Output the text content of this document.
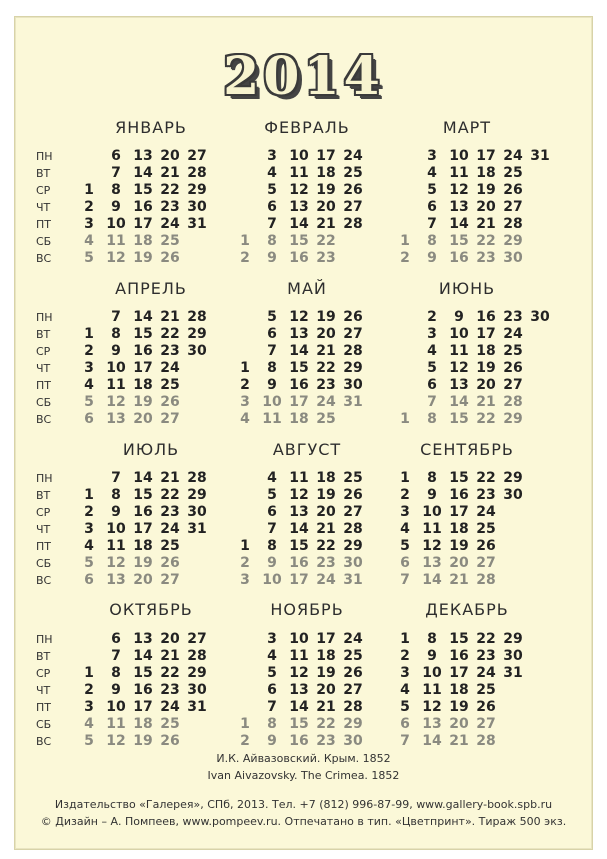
2014
ЯНВАРЬ
ПН
ВТ
СР
ЧТ
ПТ
СБ
ВС
1
2
3
4
5
6
7
8
9
10
11
12
13
14
15
16
17
18
19
20
21
22
23
24
25
26
27
28
29
30
31
ФЕВРАЛЬ
1
2
3
4
5
6
7
8
9
10
11
12
13
14
15
16
17
18
19
20
21
22
23
24
25
26
27
28
МАРТ
1
2
3
4
5
6
7
8
9
10
11
12
13
14
15
16
17
18
19
20
21
22
23
24
25
26
27
28
29
30
31
АПРЕЛЬ
ПН
ВТ
СР
ЧТ
ПТ
СБ
ВС
1
2
3
4
5
6
7
8
9
10
11
12
13
14
15
16
17
18
19
20
21
22
23
24
25
26
27
28
29
30
МАЙ
1
2
3
4
5
6
7
8
9
10
11
12
13
14
15
16
17
18
19
20
21
22
23
24
25
26
27
28
29
30
31
ИЮНЬ
1
2
3
4
5
6
7
8
9
10
11
12
13
14
15
16
17
18
19
20
21
22
23
24
25
26
27
28
29
30
ИЮЛЬ
ПН
ВТ
СР
ЧТ
ПТ
СБ
ВС
1
2
3
4
5
6
7
8
9
10
11
12
13
14
15
16
17
18
19
20
21
22
23
24
25
26
27
28
29
30
31
АВГУСТ
1
2
3
4
5
6
7
8
9
10
11
12
13
14
15
16
17
18
19
20
21
22
23
24
25
26
27
28
29
30
31
СЕНТЯБРЬ
1
2
3
4
5
6
7
8
9
10
11
12
13
14
15
16
17
18
19
20
21
22
23
24
25
26
27
28
29
30
ОКТЯБРЬ
ПН
ВТ
СР
ЧТ
ПТ
СБ
ВС
1
2
3
4
5
6
7
8
9
10
11
12
13
14
15
16
17
18
19
20
21
22
23
24
25
26
27
28
29
30
31
НОЯБРЬ
1
2
3
4
5
6
7
8
9
10
11
12
13
14
15
16
17
18
19
20
21
22
23
24
25
26
27
28
29
30
ДЕКАБРЬ
1
2
3
4
5
6
7
8
9
10
11
12
13
14
15
16
17
18
19
20
21
22
23
24
25
26
27
28
29
30
31
И.К. Айвазовский. Крым. 1852
Ivan Aivazovsky. The Crimea. 1852
Издательство «Галерея», СПб, 2013. Тел. +7 (812) 996-87-99, www.gallery-book.spb.ru
© Дизайн – А. Помпеев, www.pompeev.ru. Отпечатано в тип. «Цветпринт». Тираж 500 экз.
